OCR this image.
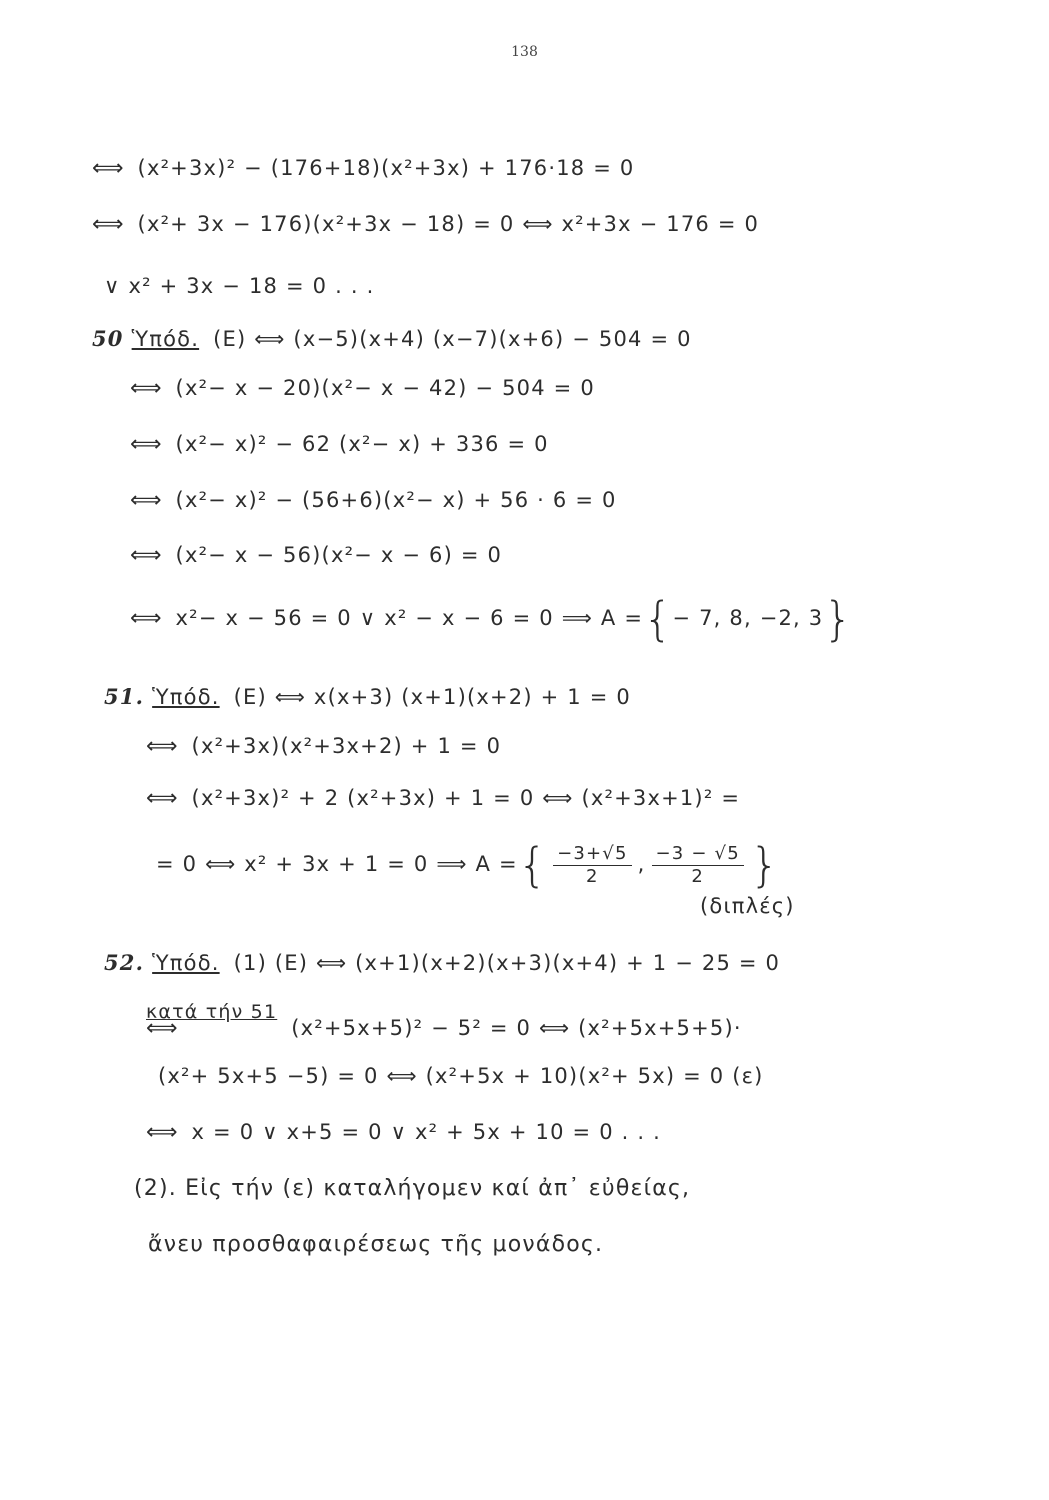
138
⟺ (x²+3x)² − (176+18)(x²+3x) + 176·18 = 0
⟺ (x²+ 3x − 176)(x²+3x − 18) = 0 ⟺ x²+3x − 176 = 0
∨ x² + 3x − 18 = 0 . . .
50 Ὑπόδ. (Ε) ⟺ (x−5)(x+4) (x−7)(x+6) − 504 = 0
⟺ (x²− x − 20)(x²− x − 42) − 504 = 0
⟺ (x²− x)² − 62 (x²− x) + 336 = 0
⟺ (x²− x)² − (56+6)(x²− x) + 56 · 6 = 0
⟺ (x²− x − 56)(x²− x − 6) = 0
⟺ x²− x − 56 = 0 ∨ x² − x − 6 = 0 ⟹ A ={− 7, 8, −2, 3}
51. Ὑπόδ. (Ε) ⟺ x(x+3) (x+1)(x+2) + 1 = 0
⟺ (x²+3x)(x²+3x+2) + 1 = 0
⟺ (x²+3x)² + 2 (x²+3x) + 1 = 0 ⟺ (x²+3x+1)² =
= 0 ⟺ x² + 3x + 1 = 0 ⟹ A ={ $\frac{-3+√5}{2}$ , $\frac{-3 - √5}{2}$ }
(διπλές)
52. Ὑπόδ. (1) (Ε) ⟺ (x+1)(x+2)(x+3)(x+4) + 1 − 25 = 0
κατά τήν 51
⟺	(x²+5x+5)² − 5² = 0 ⟺ (x²+5x+5+5)·
(x²+ 5x+5 −5) = 0 ⟺ (x²+5x + 10)(x²+ 5x) = 0 (ε)
⟺ x = 0 ∨ x+5 = 0 ∨ x² + 5x + 10 = 0 . . .
(2). Εἰς τήν (ε) καταλήγομεν καί ἀπ᾽ εὐθείας,
ἄνευ προσθαφαιρέσεως τῆς μονάδος.
